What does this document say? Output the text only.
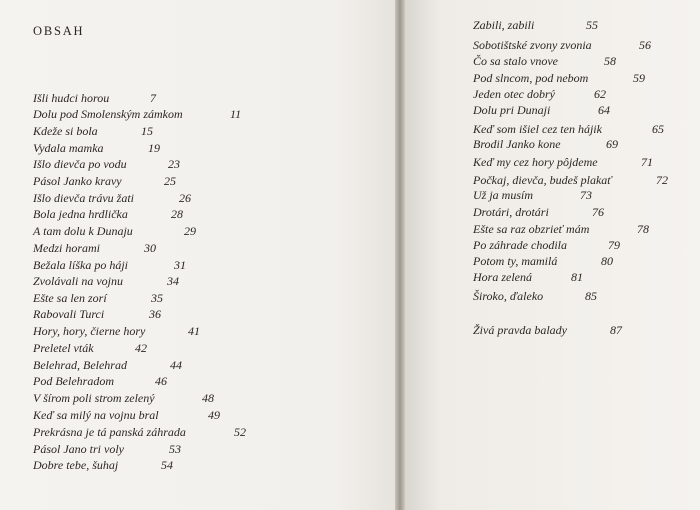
OBSAH
Išli hudci horou	7
Dolu pod Smolenským zámkom	11
Kdeže si bola	15
Vydala mamka	19
Išlo dievča po vodu	23
Pásol Janko kravy	25
Išlo dievča trávu žati	26
Bola jedna hrdlička	28
A tam dolu k Dunaju	29
Medzi horami	30
Bežala líška po háji	31
Zvolávali na vojnu	34
Ešte sa len zorí	35
Rabovali Turci	36
Hory, hory, čierne hory	41
Preletel vták	42
Belehrad, Belehrad	44
Pod Belehradom	46
V šírom poli strom zelený	48
Keď sa milý na vojnu bral	49
Prekrásna je tá panská záhrada	52
Pásol Jano tri voly	53
Dobre tebe, šuhaj	54
Zabili, zabili	55
Sobotištské zvony zvonia	56
Čo sa stalo vnove	58
Pod slncom, pod nebom	59
Jeden otec dobrý	62
Dolu pri Dunaji	64
Keď som išiel cez ten hájik	65
Brodil Janko kone	69
Keď my cez hory pôjdeme	71
Počkaj, dievča, budeš plakať	72
Už ja musím	73
Drotári, drotári	76
Ešte sa raz obzrieť mám	78
Po záhrade chodila	79
Potom ty, mamilá	80
Hora zelená	81
Široko, ďaleko	85
Živá pravda balady	87
